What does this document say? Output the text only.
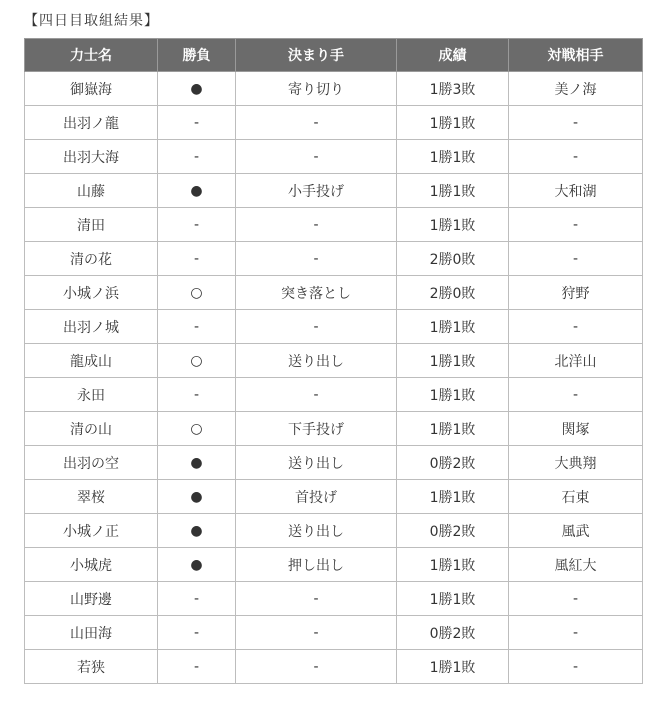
【四日目取組結果】
力士名	勝負	決まり手	成績	対戦相手
御嶽海	●	寄り切り	1勝3敗	美ノ海
出羽ノ龍	-	-	1勝1敗	-
出羽大海	-	-	1勝1敗	-
山藤	●	小手投げ	1勝1敗	大和湖
清田	-	-	1勝1敗	-
清の花	-	-	2勝0敗	-
小城ノ浜	○	突き落とし	2勝0敗	狩野
出羽ノ城	-	-	1勝1敗	-
龍成山	○	送り出し	1勝1敗	北洋山
永田	-	-	1勝1敗	-
清の山	○	下手投げ	1勝1敗	関塚
出羽の空	●	送り出し	0勝2敗	大典翔
翠桜	●	首投げ	1勝1敗	石東
小城ノ正	●	送り出し	0勝2敗	風武
小城虎	●	押し出し	1勝1敗	風紅大
山野邊	-	-	1勝1敗	-
山田海	-	-	0勝2敗	-
若狭	-	-	1勝1敗	-
